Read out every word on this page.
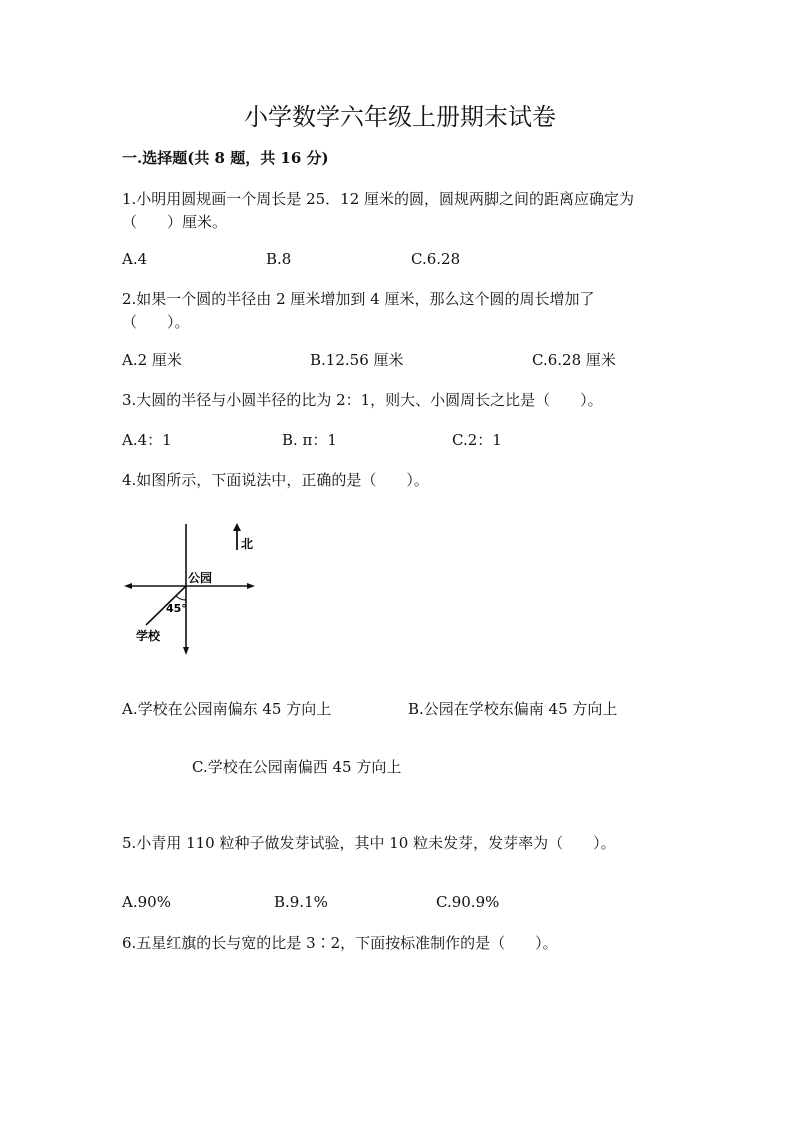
小学数学六年级上册期末试卷
一.选择题(共 8 题，共 16 分)
1.小明用圆规画一个周长是 25．12 厘米的圆，圆规两脚之间的距离应确定为
（　　）厘米。
A.4	B.8	C.6.28
2.如果一个圆的半径由 2 厘米增加到 4 厘米，那么这个圆的周长增加了
（　　）。
A.2 厘米	B.12.56 厘米	C.6.28 厘米
3.大圆的半径与小圆半径的比为 2：1，则大、小圆周长之比是（　　）。
A.4：1	B. π：1	C.2：1
4.如图所示，下面说法中，正确的是（　　）。
北
公园
45°
学校
A.学校在公园南偏东 45 方向上	B.公园在学校东偏南 45 方向上
C.学校在公园南偏西 45 方向上
5.小青用 110 粒种子做发芽试验，其中 10 粒未发芽，发芽率为（　　）。
A.90%	B.9.1%	C.90.9%
6.五星红旗的长与宽的比是 3∶2，下面按标准制作的是（　　）。
